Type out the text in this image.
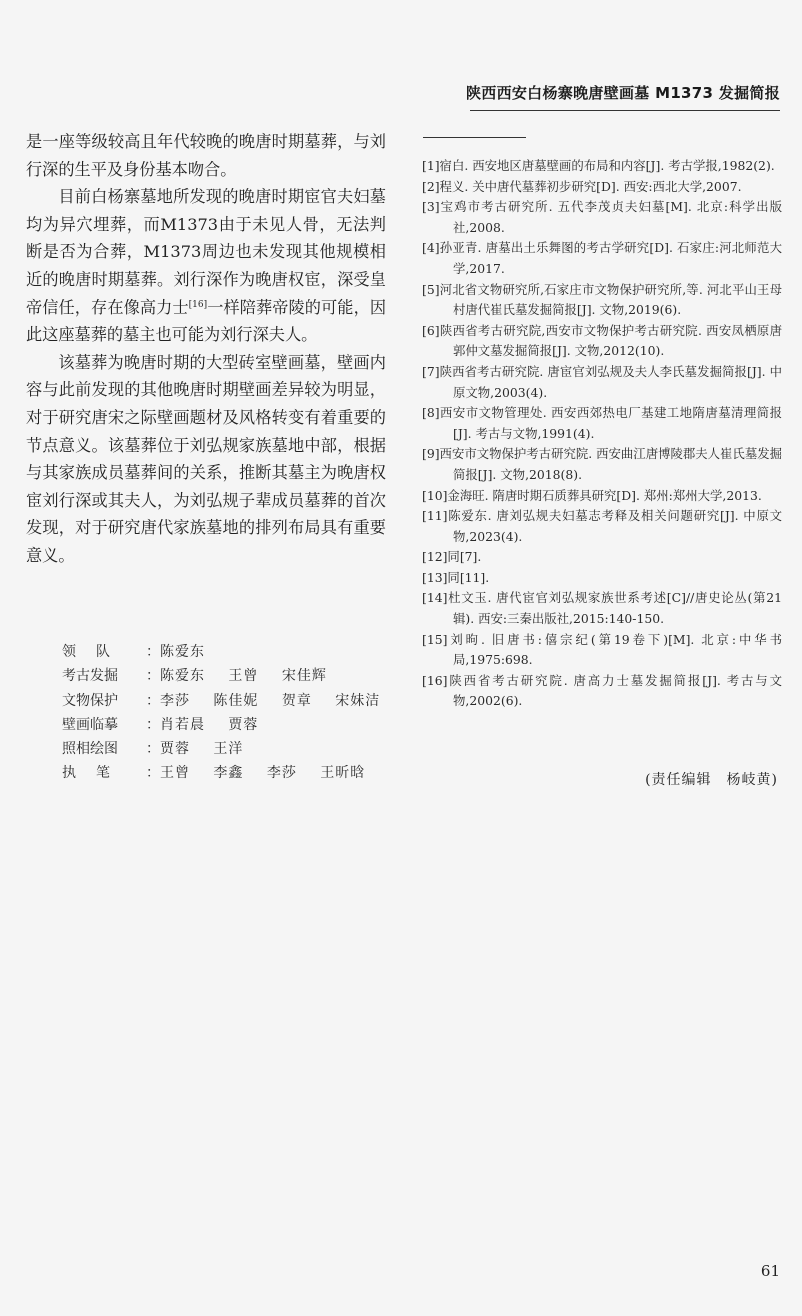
陕西西安白杨寨晚唐壁画墓 M1373 发掘简报

是一座等级较高且年代较晚的晚唐时期墓葬，与刘行深的生平及身份基本吻合。

目前白杨寨墓地所发现的晚唐时期宦官夫妇墓均为异穴埋葬，而M1373由于未见人骨，无法判断是否为合葬，M1373周边也未发现其他规模相近的晚唐时期墓葬。刘行深作为晚唐权宦，深受皇帝信任，存在像高力士[16]一样陪葬帝陵的可能，因此这座墓葬的墓主也可能为刘行深夫人。

该墓葬为晚唐时期的大型砖室壁画墓，壁画内容与此前发现的其他晚唐时期壁画差异较为明显，对于研究唐宋之际壁画题材及风格转变有着重要的节点意义。该墓葬位于刘弘规家族墓地中部，根据与其家族成员墓葬间的关系，推断其墓主为晚唐权宦刘行深或其夫人，为刘弘规子辈成员墓葬的首次发现，对于研究唐代家族墓地的排列布局具有重要意义。

领队 ：陈爱东
考古发掘 ：陈爱东 王曾 宋佳辉
文物保护 ：李莎 陈佳妮 贺章 宋妹洁
壁画临摹 ：肖若晨 贾蓉
照相绘图 ：贾蓉 王洋
执笔 ：王曾 李鑫 李莎 王昕晗

[1]宿白. 西安地区唐墓壁画的布局和内容[J]. 考古学报,1982(2).

[2]程义. 关中唐代墓葬初步研究[D]. 西安:西北大学,2007.

[3]宝鸡市考古研究所. 五代李茂贞夫妇墓[M]. 北京:科学出版社,2008.

[4]孙亚青. 唐墓出土乐舞图的考古学研究[D]. 石家庄:河北师范大学,2017.

[5]河北省文物研究所,石家庄市文物保护研究所,等. 河北平山王母村唐代崔氏墓发掘简报[J]. 文物,2019(6).

[6]陕西省考古研究院,西安市文物保护考古研究院. 西安凤栖原唐郭仲文墓发掘简报[J]. 文物,2012(10).

[7]陕西省考古研究院. 唐宦官刘弘规及夫人李氏墓发掘简报[J]. 中原文物,2003(4).

[8]西安市文物管理处. 西安西郊热电厂基建工地隋唐墓清理简报[J]. 考古与文物,1991(4).

[9]西安市文物保护考古研究院. 西安曲江唐博陵郡夫人崔氏墓发掘简报[J]. 文物,2018(8).

[10]金海旺. 隋唐时期石质葬具研究[D]. 郑州:郑州大学,2013.

[11]陈爱东. 唐刘弘规夫妇墓志考释及相关问题研究[J]. 中原文物,2023(4).

[12]同[7].

[13]同[11].

[14]杜文玉. 唐代宦官刘弘规家族世系考述[C]//唐史论丛(第21辑). 西安:三秦出版社,2015:140-150.

[15]刘昫. 旧唐书:僖宗纪(第19卷下)[M]. 北京:中华书局,1975:698.

[16]陕西省考古研究院. 唐高力士墓发掘简报[J]. 考古与文物,2002(6).

(责任编辑　杨岐黄)
61
